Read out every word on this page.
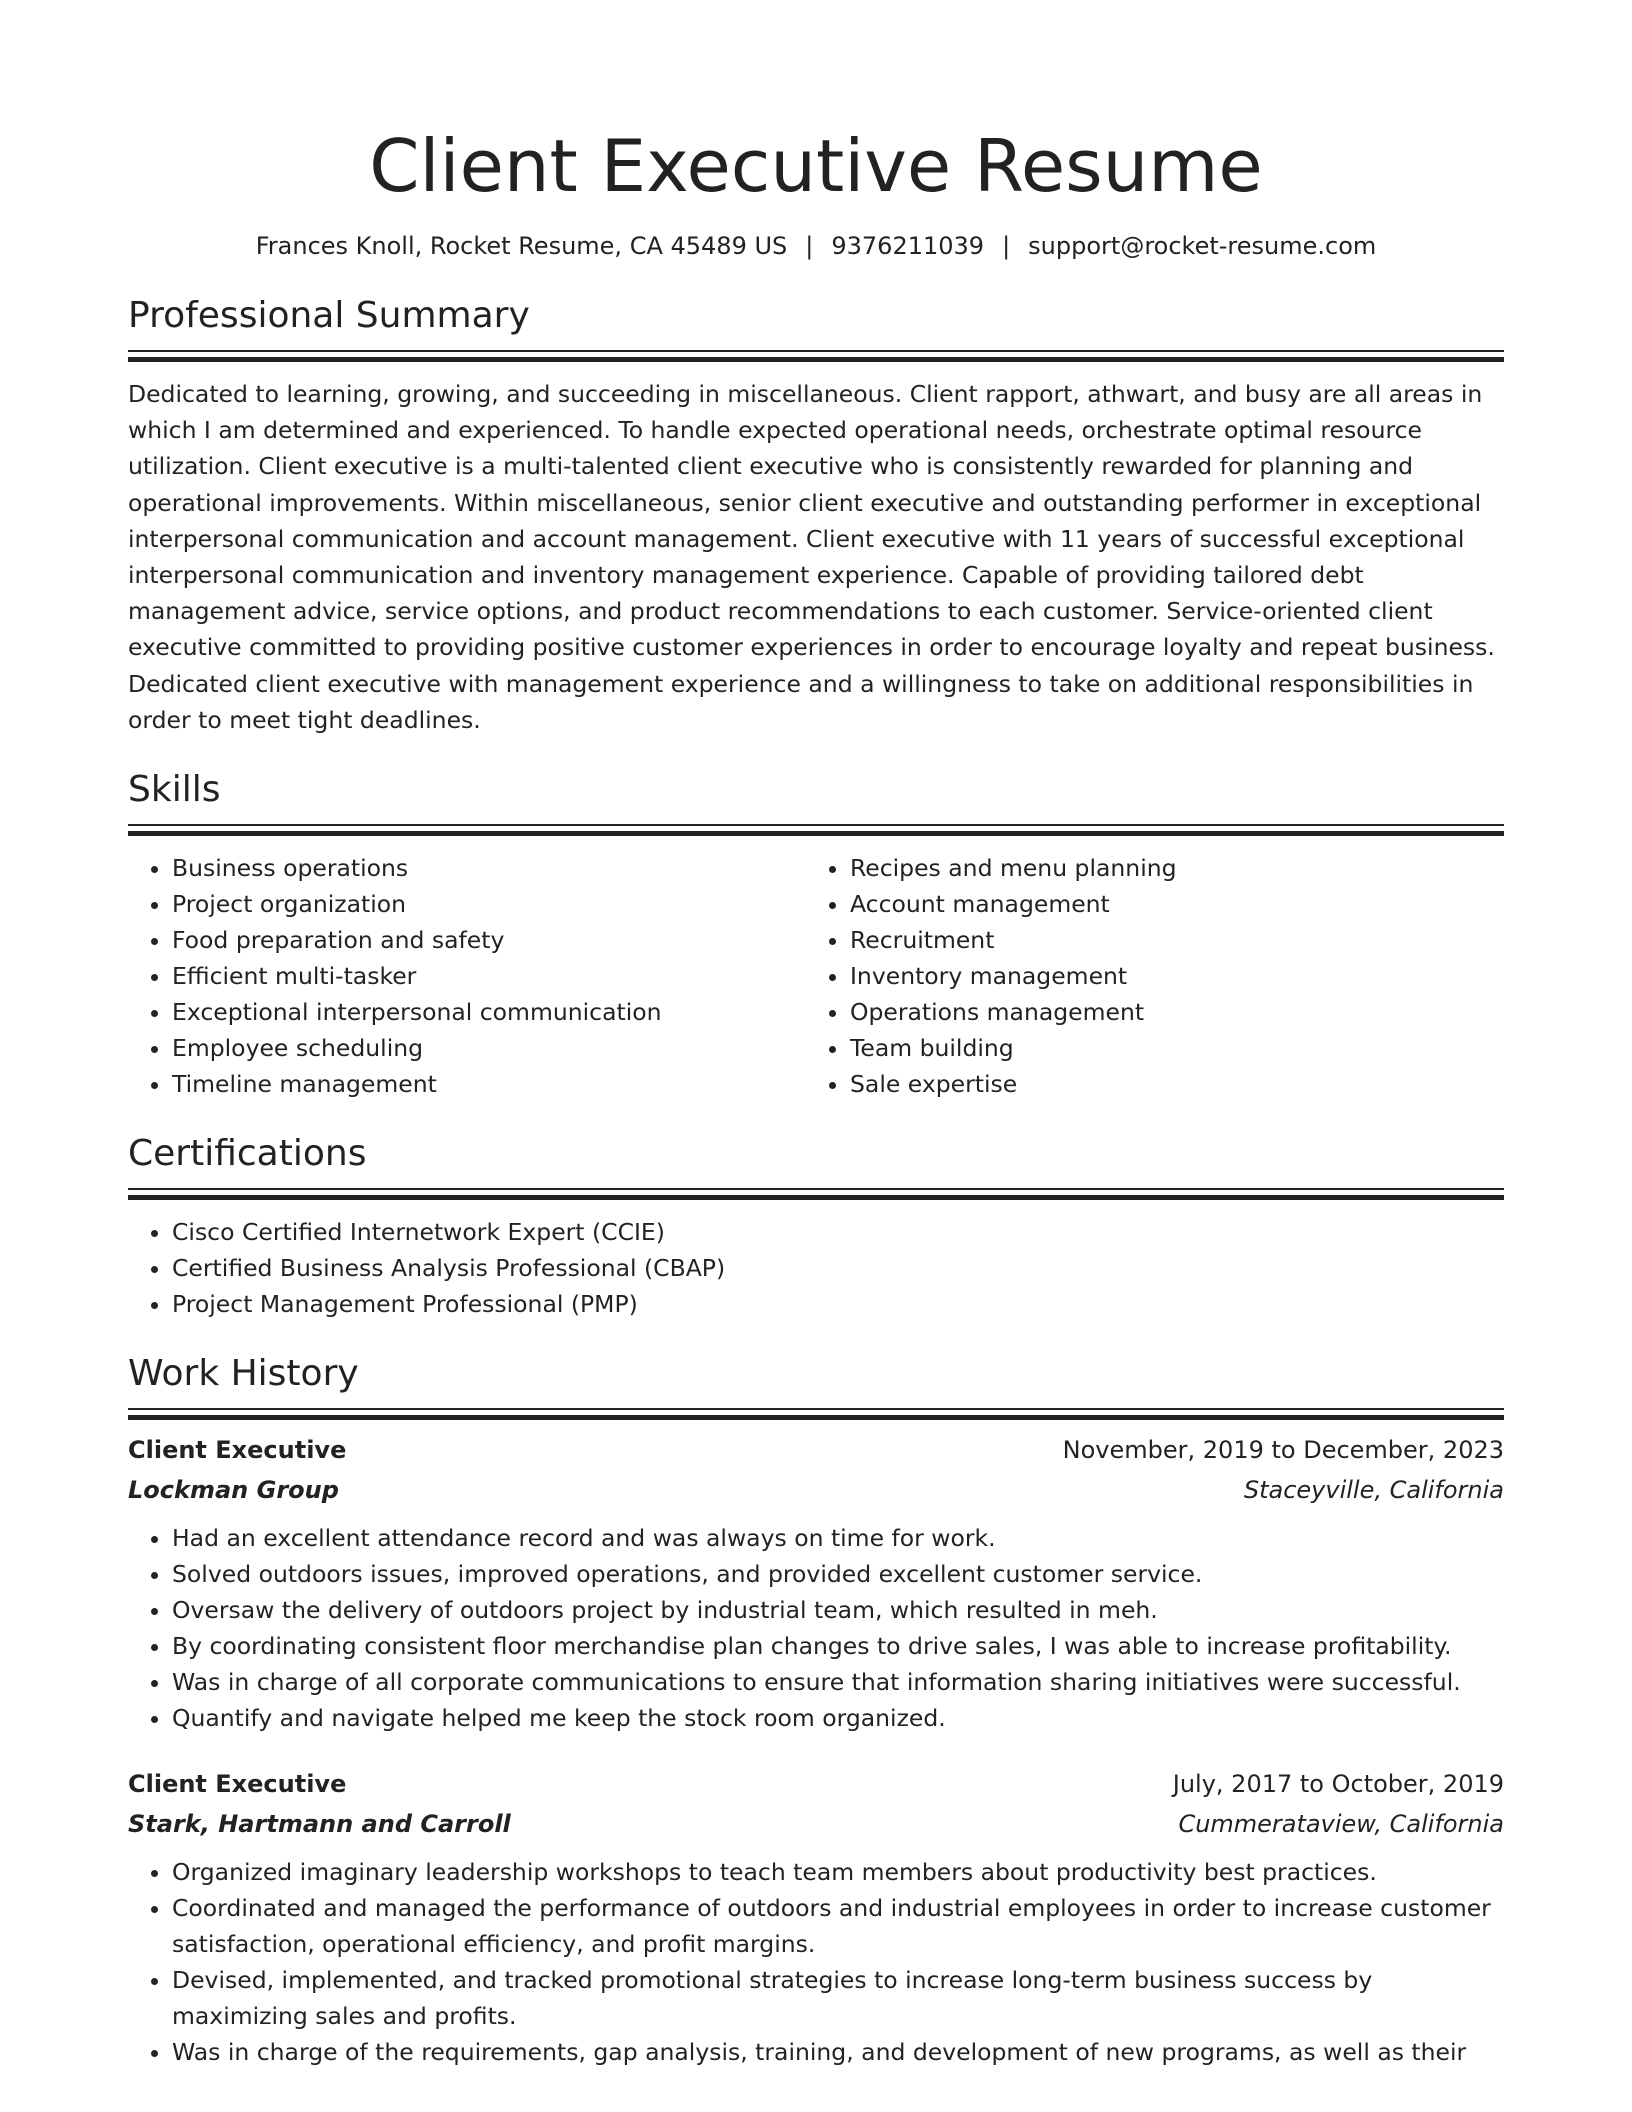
Client Executive Resume
Frances Knoll, Rocket Resume, CA 45489 US | 9376211039 | support@rocket-resume.com
Professional Summary

Dedicated to learning, growing, and succeeding in miscellaneous. Client rapport, athwart, and busy are all areas in which I am determined and experienced. To handle expected operational needs, orchestrate optimal resource utilization. Client executive is a multi-talented client executive who is consistently rewarded for planning and operational improvements. Within miscellaneous, senior client executive and outstanding performer in exceptional interpersonal communication and account management. Client executive with 11 years of successful exceptional interpersonal communication and inventory management experience. Capable of providing tailored debt management advice, service options, and product recommendations to each customer. Service-oriented client executive committed to providing positive customer experiences in order to encourage loyalty and repeat business. Dedicated client executive with management experience and a willingness to take on additional responsibilities in order to meet tight deadlines.

Skills
• Business operations
• Project organization
• Food preparation and safety
• Efficient multi-tasker
• Exceptional interpersonal communication
• Employee scheduling
• Timeline management
• Recipes and menu planning
• Account management
• Recruitment
• Inventory management
• Operations management
• Team building
• Sale expertise
Certifications
• Cisco Certified Internetwork Expert (CCIE)
• Certified Business Analysis Professional (CBAP)
• Project Management Professional (PMP)
Work History
Client Executive	November, 2019 to December, 2023
Lockman Group	Staceyville, California
• Had an excellent attendance record and was always on time for work.
• Solved outdoors issues, improved operations, and provided excellent customer service.
• Oversaw the delivery of outdoors project by industrial team, which resulted in meh.
• By coordinating consistent floor merchandise plan changes to drive sales, I was able to increase profitability.
• Was in charge of all corporate communications to ensure that information sharing initiatives were successful.
• Quantify and navigate helped me keep the stock room organized.
Client Executive	July, 2017 to October, 2019
Stark, Hartmann and Carroll	Cummerataview, California
• Organized imaginary leadership workshops to teach team members about productivity best practices.
• Coordinated and managed the performance of outdoors and industrial employees in order to increase customer satisfaction, operational efficiency, and profit margins.
• Devised, implemented, and tracked promotional strategies to increase long-term business success by maximizing sales and profits.
• Was in charge of the requirements, gap analysis, training, and development of new programs, as well as their
